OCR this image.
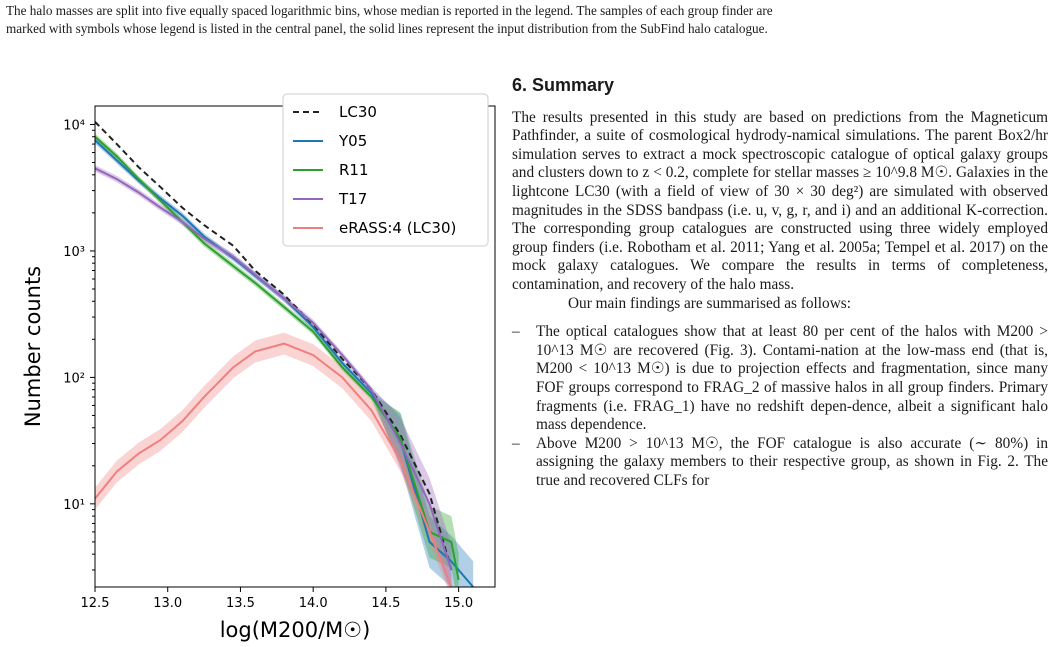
The halo masses are split into five equally spaced logarithmic bins, whose median is reported in the legend. The samples of each group finder are

marked with symbols whose legend is listed in the central panel, the solid lines represent the input distribution from the SubFind halo catalogue.

12.5	13.0	13.5	14.0	14.5	15.0
10¹
10²
10³
10⁴
log(M200/M☉)
Number counts
LC30
Y05
R11
T17
eRASS:4 (LC30)
6. Summary

The results presented in this study are based on predictions from the Magneticum Pathfinder, a suite of cosmological hydrody-namical simulations. The parent Box2/hr simulation serves to extract a mock spectroscopic catalogue of optical galaxy groups and clusters down to z < 0.2, complete for stellar masses ≥ 10^9.8 M☉. Galaxies in the lightcone LC30 (with a field of view of 30 × 30 deg²) are simulated with observed magnitudes in the SDSS bandpass (i.e. u, v, g, r, and i) and an additional K-correction. The corresponding group catalogues are constructed using three widely employed group finders (i.e. Robotham et al. 2011; Yang et al. 2005a; Tempel et al. 2017) on the mock galaxy catalogues. We compare the results in terms of completeness, contamination, and recovery of the halo mass.

Our main findings are summarised as follows:

– The optical catalogues show that at least 80 per cent of the halos with M200 > 10^13 M☉ are recovered (Fig. 3). Contami-nation at the low-mass end (that is, M200 < 10^13 M☉) is due to projection effects and fragmentation, since many FOF groups correspond to FRAG_2 of massive halos in all group finders. Primary fragments (i.e. FRAG_1) have no redshift depen-dence, albeit a significant halo mass dependence.
– Above M200 > 10^13 M☉, the FOF catalogue is also accurate (∼ 80%) in assigning the galaxy members to their respective group, as shown in Fig. 2. The true and recovered CLFs for
